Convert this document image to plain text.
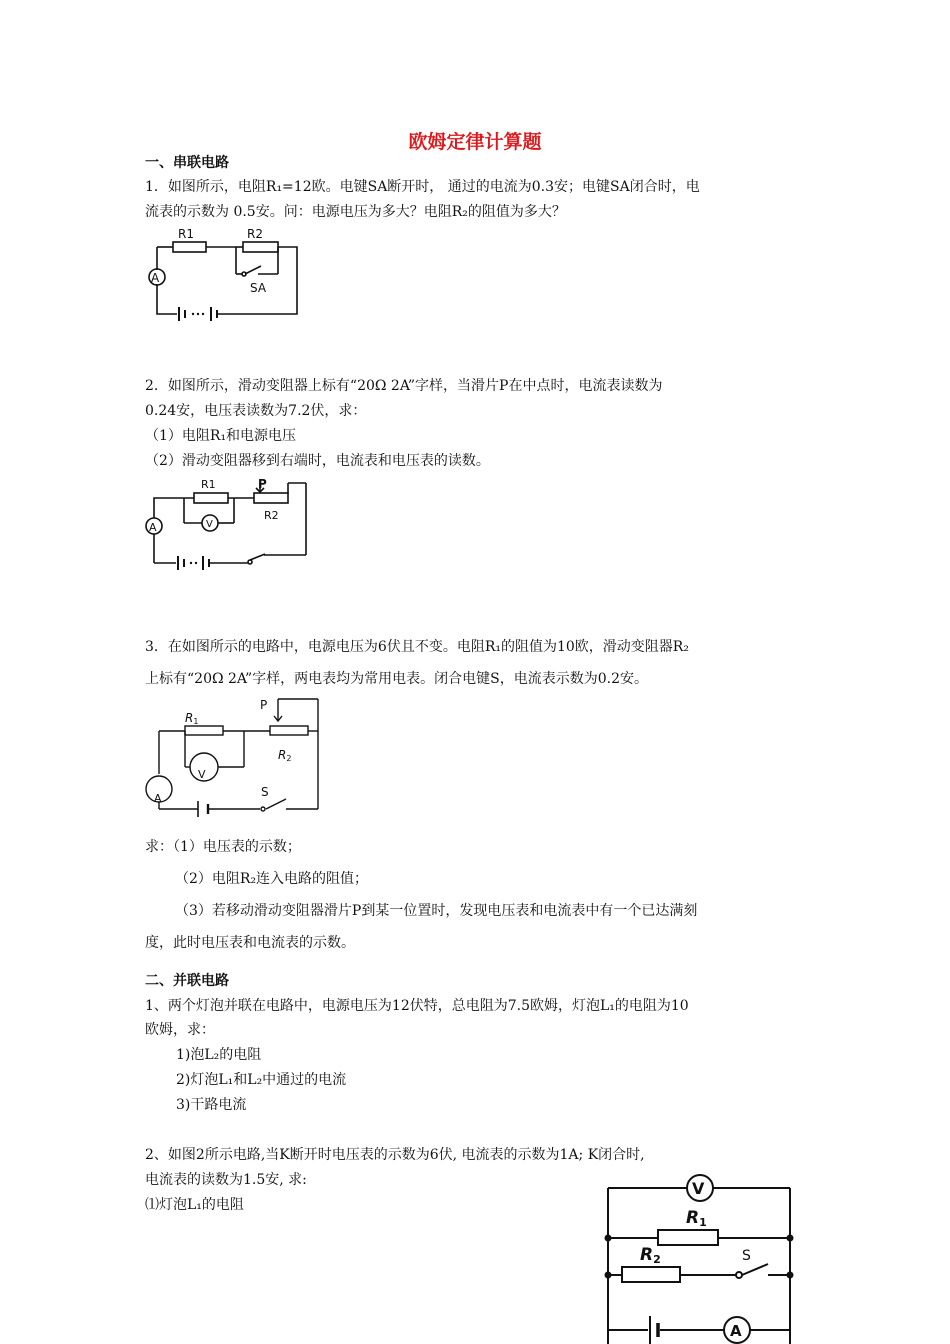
欧姆定律计算题
一、串联电路
1．如图所示，电阻R₁=12欧。电键SA断开时， 通过的电流为0.3安；电键SA闭合时，电
流表的示数为 0.5安。问：电源电压为多大？电阻R₂的阻值为多大？
R1	R2
A
SA
2．如图所示，滑动变阻器上标有“20Ω 2A”字样，当滑片P在中点时，电流表读数为
0.24安，电压表读数为7.2伏，求：
（1）电阻R₁和电源电压
（2）滑动变阻器移到右端时，电流表和电压表的读数。
R1	P
R2
A	V
3．在如图所示的电路中，电源电压为6伏且不变。电阻R₁的阻值为10欧，滑动变阻器R₂
上标有“20Ω 2A”字样，两电表均为常用电表。闭合电键S，电流表示数为0.2安。
R1
P
R2
V
A	S
求：（1）电压表的示数；
（2）电阻R₂连入电路的阻值；
（3）若移动滑动变阻器滑片P到某一位置时，发现电压表和电流表中有一个已达满刻
度，此时电压表和电流表的示数。
二、并联电路
1、两个灯泡并联在电路中，电源电压为12伏特，总电阻为7.5欧姆，灯泡L₁的电阻为10
欧姆，求：
1)泡L₂的电阻
2)灯泡L₁和L₂中通过的电流
3)干路电流
2、如图2所示电路,当K断开时电压表的示数为6伏, 电流表的示数为1A; K闭合时,
电流表的读数为1.5安, 求:
⑴灯泡L₁的电阻
V
R1
R2	S
A
